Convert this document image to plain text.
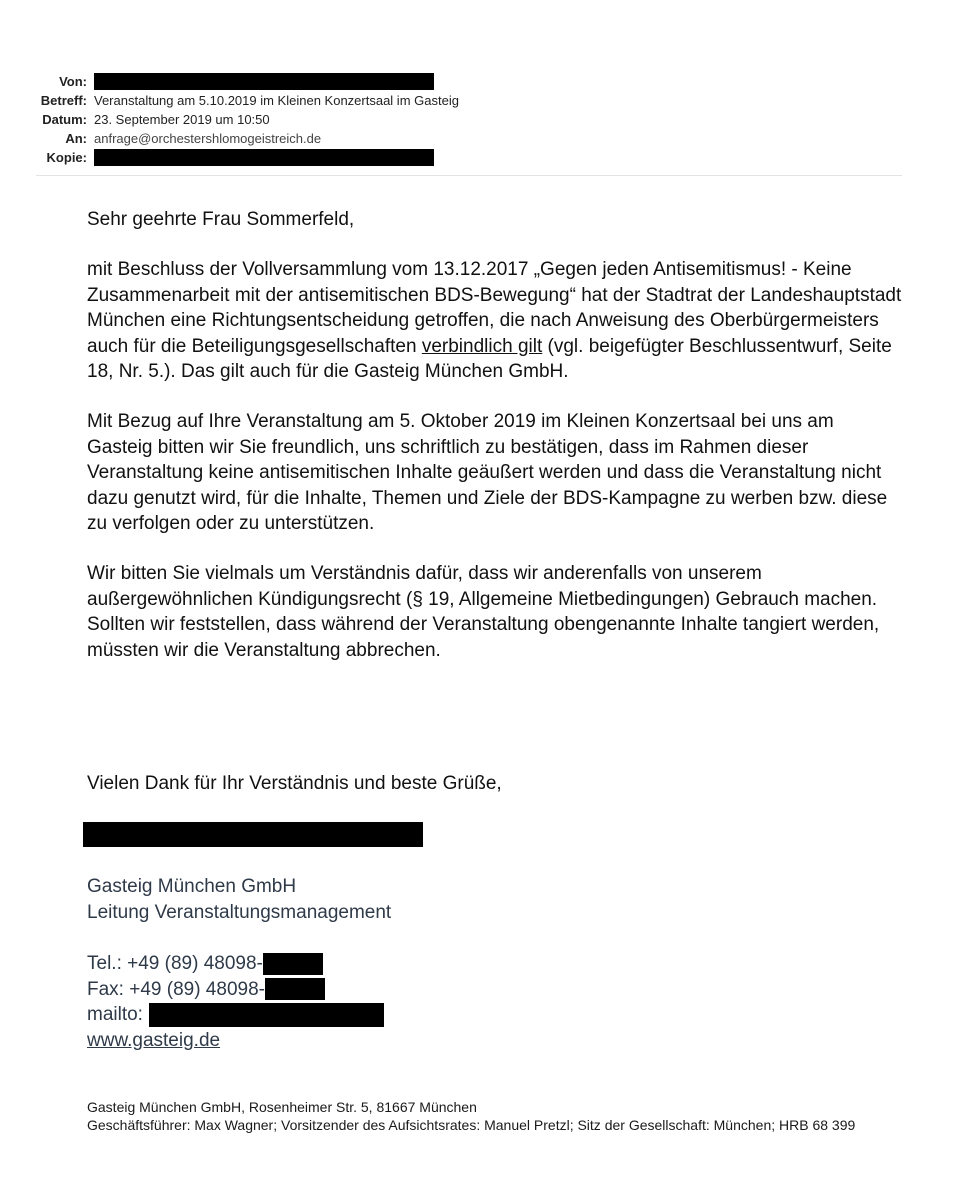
Von:
Betreff: Veranstaltung am 5.10.2019 im Kleinen Konzertsaal im Gasteig
Datum: 23. September 2019 um 10:50
An: anfrage@orchestershlomogeistreich.de
Kopie:

Sehr geehrte Frau Sommerfeld,

mit Beschluss der Vollversammlung vom 13.12.2017 „Gegen jeden Antisemitismus! - Keine Zusammenarbeit mit der antisemitischen BDS-Bewegung“ hat der Stadtrat der Landeshauptstadt München eine Richtungsentscheidung getroffen, die nach Anweisung des Oberbürgermeisters auch für die Beteiligungsgesellschaften verbindlich gilt (vgl. beigefügter Beschlussentwurf, Seite 18, Nr. 5.). Das gilt auch für die Gasteig München GmbH.

Mit Bezug auf Ihre Veranstaltung am 5. Oktober 2019 im Kleinen Konzertsaal bei uns am Gasteig bitten wir Sie freundlich, uns schriftlich zu bestätigen, dass im Rahmen dieser Veranstaltung keine antisemitischen Inhalte geäußert werden und dass die Veranstaltung nicht dazu genutzt wird, für die Inhalte, Themen und Ziele der BDS-Kampagne zu werben bzw. diese zu verfolgen oder zu unterstützen.

Wir bitten Sie vielmals um Verständnis dafür, dass wir anderenfalls von unserem außergewöhnlichen Kündigungsrecht (§ 19, Allgemeine Mietbedingungen) Gebrauch machen. Sollten wir feststellen, dass während der Veranstaltung obengenannte Inhalte tangiert werden, müssten wir die Veranstaltung abbrechen.

Vielen Dank für Ihr Verständnis und beste Grüße,
Gasteig München GmbH
Leitung Veranstaltungsmanagement
Tel.: +49 (89) 48098-
Fax: +49 (89) 48098-
mailto:
www.gasteig.de

Gasteig München GmbH, Rosenheimer Str. 5, 81667 München

Geschäftsführer: Max Wagner; Vorsitzender des Aufsichtsrates: Manuel Pretzl; Sitz der Gesellschaft: München; HRB 68 399
